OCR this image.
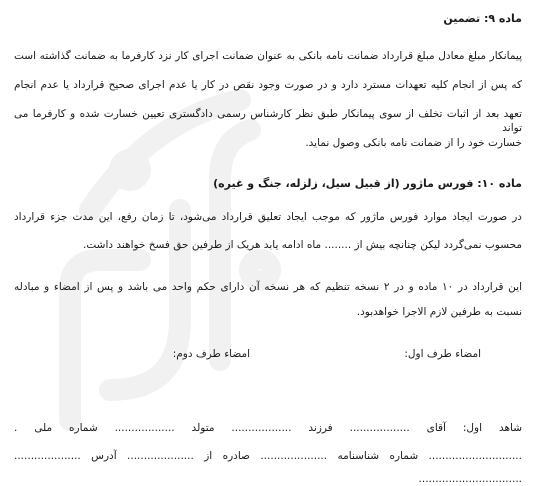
ماده ۹: تضمین
پیمانکار مبلغ معادل مبلغ قرارداد ضمانت نامه بانکی به عنوان ضمانت اجرای کار نزد کارفرما به ضمانت گذاشته است
که پس از انجام کلیه تعهدات مسترد دارد و در صورت وجود نقص در کار یا عدم اجرای صحیح قرارداد یا عدم انجام
تعهد بعد از اثبات تخلف از سوی پیمانکار طبق نظر کارشناس رسمی دادگستری تعیین خسارت شده و کارفرما می تواند
خسارت خود را از ضمانت نامه بانکی وصول نماید.
ماده ۱۰: فورس ماژور (از قبیل سیل، زلزله، جنگ و غیره)
در صورت ایجاد موارد فورس ماژور که موجب ایجاد تعلیق قرارداد می‌شود، تا زمان رفع، این مدت جزء قرارداد
محسوب نمی‌گردد لیکن چنانچه بیش از ........ ماه ادامه یابد هریک از طرفین حق فسخ خواهند داشت.
این قرارداد در ۱۰ ماده و در ۲ نسخه تنظیم که هر نسخه آن دارای حکم واحد می باشد و پس از امضاء و مبادله
نسبت به طرفین لازم الاجرا خواهدبود.
امضاء طرف اول:
امضاء طرف دوم:
شاهد اول: آقای .................. فرزند .................. متولد .................. شماره ملی .
............................ شماره شناسنامه .................... صادره از .................... آدرس ....................
...............................
